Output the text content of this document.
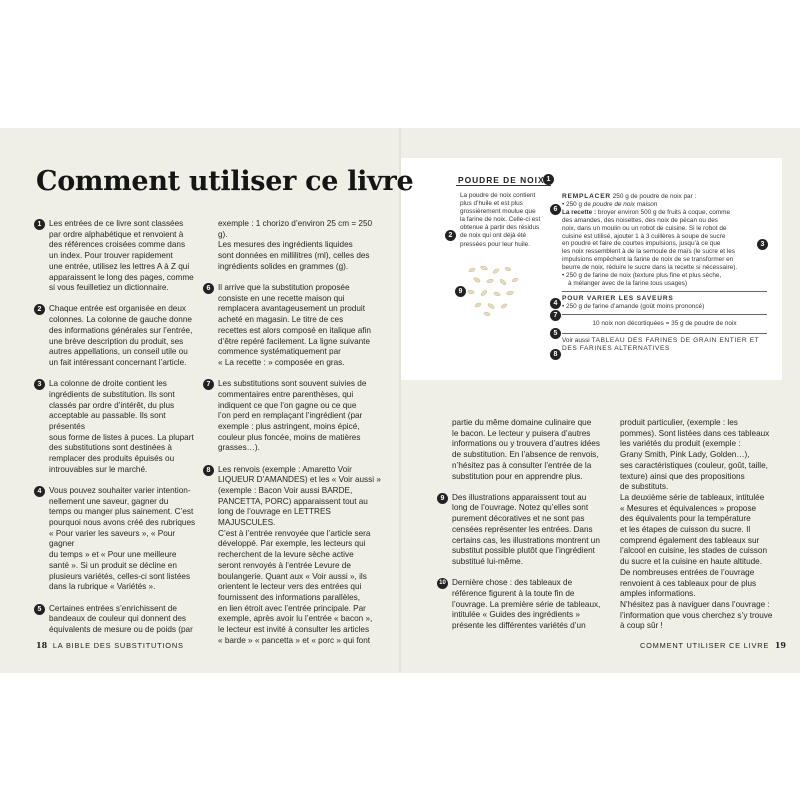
Comment utiliser ce livre
1 Les entrées de ce livre sont classées
par ordre alphabétique et renvoient à
des références croisées comme dans
un index. Pour trouver rapidement
une entrée, utilisez les lettres A à Z qui
apparaissent le long des pages, comme
si vous feuilletiez un dictionnaire.
2 Chaque entrée est organisée en deux
colonnes. La colonne de gauche donne
des informations générales sur l’entrée,
une brève description du produit, ses
autres appellations, un conseil utile ou
un fait intéressant concernant l’article.
3 La colonne de droite contient les
ingrédients de substitution. Ils sont
classés par ordre d’intérêt, du plus
acceptable au passable. Ils sont présentés
sous forme de listes à puces. La plupart
des substitutions sont destinées à
remplacer des produits épuisés ou
introuvables sur le marché.
4 Vous pouvez souhaiter varier intention-
nellement une saveur, gagner du
temps ou manger plus sainement. C’est
pourquoi nous avons créé des rubriques
« Pour varier les saveurs », « Pour gagner
du temps » et « Pour une meilleure
santé ». Si un produit se décline en
plusieurs variétés, celles-ci sont listées
dans la rubrique « Variétés ».
5 Certaines entrées s’enrichissent de
bandeaux de couleur qui donnent des
équivalents de mesure ou de poids (par
exemple : 1 chorizo d’environ 25 cm = 250 g).
Les mesures des ingrédients liquides
sont données en millilitres (ml), celles des
ingrédients solides en grammes (g).
6 Il arrive que la substitution proposée
consiste en une recette maison qui
remplacera avantageusement un produit
acheté en magasin. Le titre de ces
recettes est alors composé en italique afin
d’être repéré facilement. La ligne suivante
commence systématiquement par
« La recette : » composée en gras.
7 Les substitutions sont souvent suivies de
commentaires entre parenthèses, qui
indiquent ce que l’on gagne ou ce que
l’on perd en remplaçant l’ingrédient (par
exemple : plus astringent, moins épicé,
couleur plus foncée, moins de matières
grasses…).
8 Les renvois (exemple : Amaretto Voir
LIQUEUR D’AMANDES) et les « Voir aussi »
(exemple : Bacon Voir aussi BARDE,
PANCETTA, PORC) apparaissent tout au
long de l’ouvrage en LETTRES MAJUSCULES.
C’est à l’entrée renvoyée que l’article sera
développé. Par exemple, les lecteurs qui
recherchent de la levure sèche active
seront renvoyés à l’entrée Levure de
boulangerie. Quant aux « Voir aussi », ils
orientent le lecteur vers des entrées qui
fournissent des informations parallèles,
en lien étroit avec l’entrée principale. Par
exemple, après avoir lu l’entrée « bacon »,
le lecteur est invité à consulter les articles
« barde » « pancetta » et « porc » qui font
partie du même domaine culinaire que
le bacon. Le lecteur y puisera d’autres
informations ou y trouvera d’autres idées
de substitution. En l’absence de renvois,
n’hésitez pas à consulter l’entrée de la
substitution pour en apprendre plus.
9 Des illustrations apparaissent tout au
long de l’ouvrage. Notez qu’elles sont
purement décoratives et ne sont pas
censées représenter les entrées. Dans
certains cas, les illustrations montrent un
substitut possible plutôt que l’ingrédient
substitué lui-même.
10 Dernière chose : des tableaux de
référence figurent à la toute fin de
l’ouvrage. La première série de tableaux,
intitulée « Guides des ingrédients »
présente les différentes variétés d’un
produit particulier, (exemple : les
pommes). Sont listées dans ces tableaux
les variétés du produit (exemple :
Grany Smith, Pink Lady, Golden…),
ses caractéristiques (couleur, goût, taille,
texture) ainsi que des propositions
de substituts.
La deuxième série de tableaux, intitulée
« Mesures et équivalences » propose
des équivalents pour la température
et les étapes de cuisson du sucre. Il
comprend également des tableaux sur
l’alcool en cuisine, les stades de cuisson
du sucre et la cuisine en haute altitude.
De nombreuses entrées de l’ouvrage
renvoient à ces tableaux pour de plus
amples informations.
N’hésitez pas à naviguer dans l’ouvrage :
l’information que vous cherchez s’y trouve
à coup sûr !
1
POUDRE DE NOIX
2
La poudre de noix contient
plus d’huile et est plus
grossièrement moulue que
la farine de noix. Celle-ci est
obtenue à partir des résidus
de noix qui ont déjà été
pressées pour leur huile.
9
6
3
4
7
5
8

REMPLACER 250 g de poudre de noix par :

• 250 g de poudre de noix maison

La recette : broyer environ 500 g de fruits à coque, comme

des amandes, des noisettes, des noix de pécan ou des

noix, dans un moulin ou un robot de cuisine. Si le robot de

cuisine est utilisé, ajouter 1 à 3 cuillères à soupe de sucre

en poudre et faire de courtes impulsions, jusqu’à ce que

les noix ressemblent à de la semoule de maïs (le sucre et les

impulsions empêchent la farine de noix de se transformer en

beurre de noix, réduire le sucre dans la recette si nécessaire).

• 250 g de farine de noix (texture plus fine et plus sèche,

à mélanger avec de la farine tous usages)

POUR VARIER LES SAVEURS

• 250 g de farine d’amande (goût moins prononcé)

10 noix non décortiquées = 35 g de poudre de noix

Voir aussi TABLEAU DES FARINES DE GRAIN ENTIER ET

DES FARINES ALTERNATIVES

18 LA BIBLE DES SUBSTITUTIONS	COMMENT UTILISER CE LIVRE 19
